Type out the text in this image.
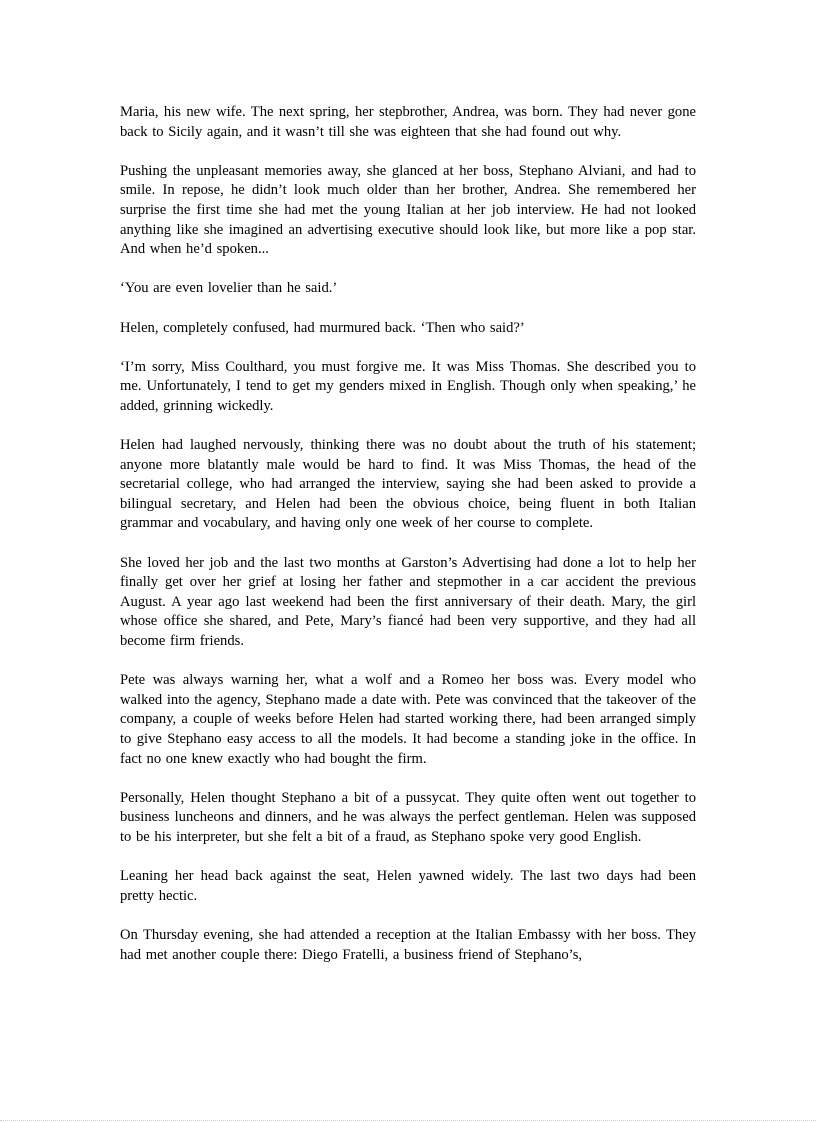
Maria, his new wife. The next spring, her stepbrother, Andrea, was born. They had never gone back to Sicily again, and it wasn’t till she was eighteen that she had found out why.

Pushing the unpleasant memories away, she glanced at her boss, Stephano Alviani, and had to smile. In repose, he didn’t look much older than her brother, Andrea. She remembered her surprise the first time she had met the young Italian at her job interview. He had not looked anything like she imagined an advertising executive should look like, but more like a pop star. And when he’d spoken...

‘You are even lovelier than he said.’

Helen, completely confused, had murmured back. ‘Then who said?’

‘I’m sorry, Miss Coulthard, you must forgive me. It was Miss Thomas. She described you to me. Unfortunately, I tend to get my genders mixed in English. Though only when speaking,’ he added, grinning wickedly.

Helen had laughed nervously, thinking there was no doubt about the truth of his statement; anyone more blatantly male would be hard to find. It was Miss Thomas, the head of the secretarial college, who had arranged the interview, saying she had been asked to provide a bilingual secretary, and Helen had been the obvious choice, being fluent in both Italian grammar and vocabulary, and having only one week of her course to complete.

She loved her job and the last two months at Garston’s Advertising had done a lot to help her finally get over her grief at losing her father and stepmother in a car accident the previous August. A year ago last weekend had been the first anniversary of their death. Mary, the girl whose office she shared, and Pete, Mary’s fiancé had been very supportive, and they had all become firm friends.

Pete was always warning her, what a wolf and a Romeo her boss was. Every model who walked into the agency, Stephano made a date with. Pete was convinced that the takeover of the company, a couple of weeks before Helen had started working there, had been arranged simply to give Stephano easy access to all the models. It had become a standing joke in the office. In fact no one knew exactly who had bought the firm.

Personally, Helen thought Stephano a bit of a pussycat. They quite often went out together to business luncheons and dinners, and he was always the perfect gentleman. Helen was supposed to be his interpreter, but she felt a bit of a fraud, as Stephano spoke very good English.

Leaning her head back against the seat, Helen yawned widely. The last two days had been pretty hectic.

On Thursday evening, she had attended a reception at the Italian Embassy with her boss. They had met another couple there: Diego Fratelli, a business friend of Stephano’s,
